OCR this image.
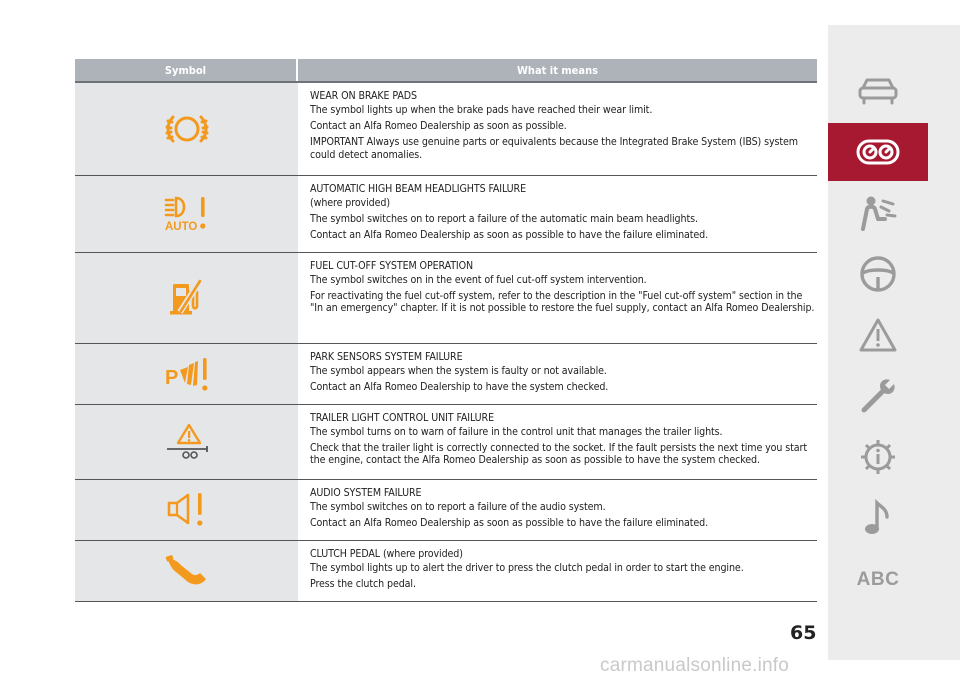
Symbol	What it means
WEAR ON BRAKE PADS

The symbol lights up when the brake pads have reached their wear limit.

Contact an Alfa Romeo Dealership as soon as possible.

IMPORTANT Always use genuine parts or equivalents because the Integrated Brake System (IBS) system could detect anomalies.

AUTO
AUTOMATIC HIGH BEAM HEADLIGHTS FAILURE

(where provided)

The symbol switches on to report a failure of the automatic main beam headlights.

Contact an Alfa Romeo Dealership as soon as possible to have the failure eliminated.

FUEL CUT-OFF SYSTEM OPERATION

The symbol switches on in the event of fuel cut-off system intervention.

For reactivating the fuel cut-off system, refer to the description in the "Fuel cut-off system" section in the "In an emergency" chapter. If it is not possible to restore the fuel supply, contact an Alfa Romeo Dealership.

P
PARK SENSORS SYSTEM FAILURE

The symbol appears when the system is faulty or not available.

Contact an Alfa Romeo Dealership to have the system checked.

TRAILER LIGHT CONTROL UNIT FAILURE

The symbol turns on to warn of failure in the control unit that manages the trailer lights.

Check that the trailer light is correctly connected to the socket. If the fault persists the next time you start the engine, contact the Alfa Romeo Dealership as soon as possible to have the system checked.

AUDIO SYSTEM FAILURE

The symbol switches on to report a failure of the audio system.

Contact an Alfa Romeo Dealership as soon as possible to have the failure eliminated.

CLUTCH PEDAL (where provided)

The symbol lights up to alert the driver to press the clutch pedal in order to start the engine.

Press the clutch pedal.	ABC
65
carmanualsonline.info
